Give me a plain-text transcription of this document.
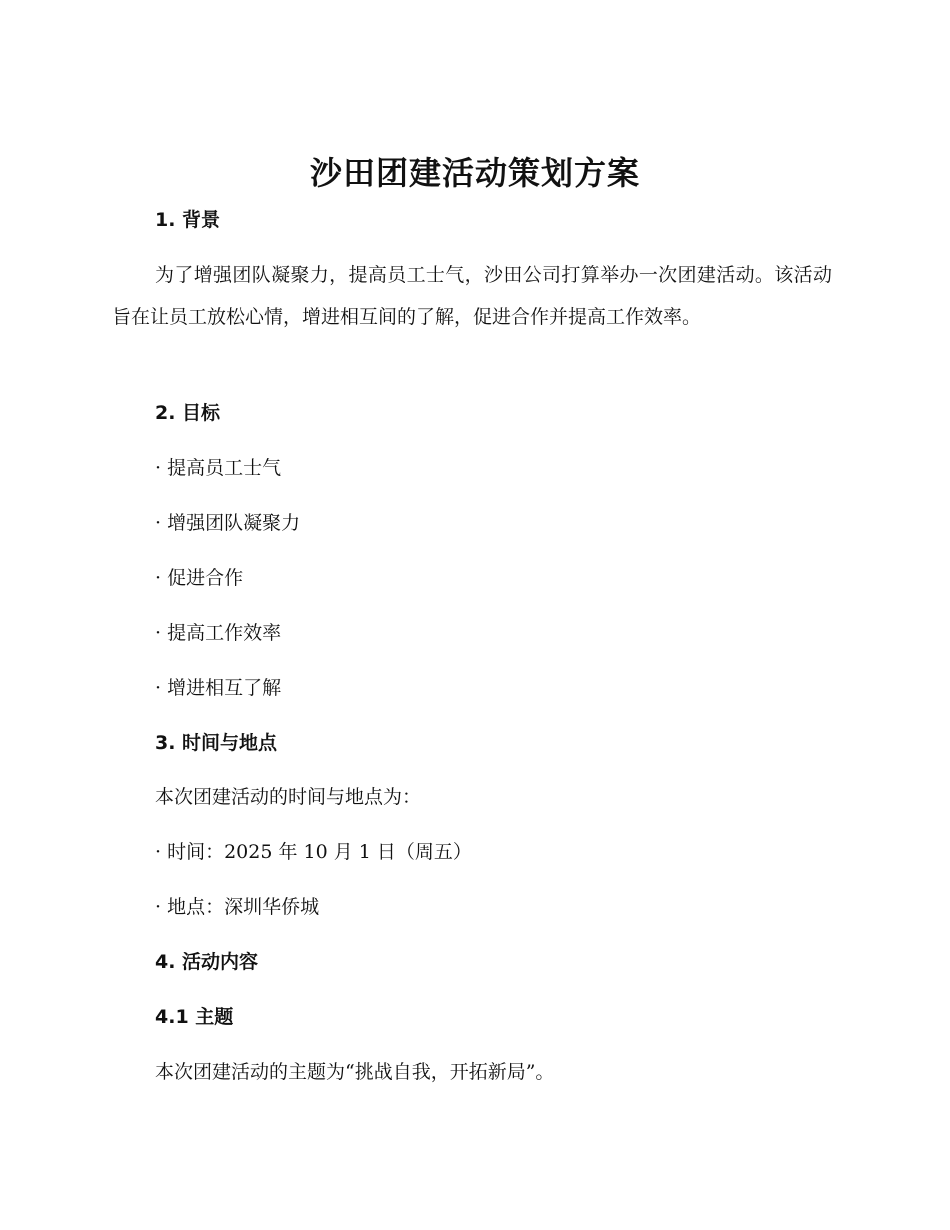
沙田团建活动策划方案
1. 背景
为了增强团队凝聚力，提高员工士气，沙田公司打算举办一次团建活动。该活动旨在让员工放松心情，增进相互间的了解，促进合作并提高工作效率。
2. 目标
· 提高员工士气
· 增强团队凝聚力
· 促进合作
· 提高工作效率
· 增进相互了解
3. 时间与地点
本次团建活动的时间与地点为：
· 时间：2025 年 10 月 1 日（周五）
· 地点：深圳华侨城
4. 活动内容
4.1 主题
本次团建活动的主题为“挑战自我，开拓新局”。
